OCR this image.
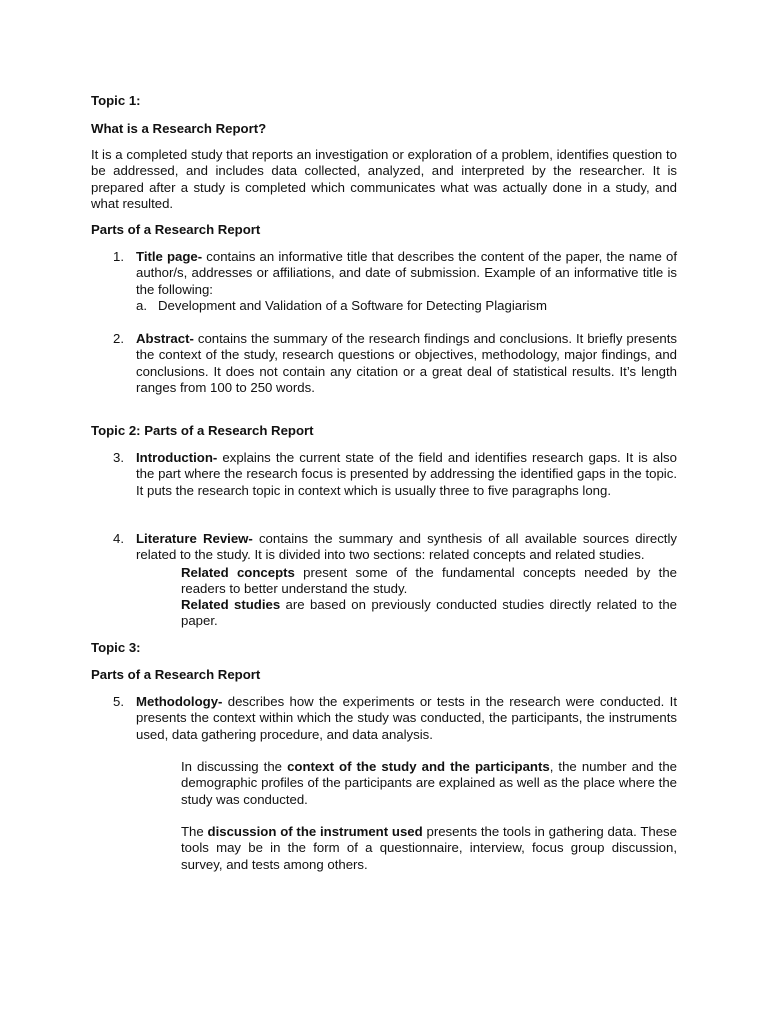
Topic 1:

What is a Research Report?

It is a completed study that reports an investigation or exploration of a problem, identifies question to be addressed, and includes data collected, analyzed, and interpreted by the researcher. It is prepared after a study is completed which communicates what was actually done in a study, and what resulted.

Parts of a Research Report

1. Title page- contains an informative title that describes the content of the paper, the name of author/s, addresses or affiliations, and date of submission. Example of an informative title is the following:
a. Development and Validation of a Software for Detecting Plagiarism
2. Abstract- contains the summary of the research findings and conclusions. It briefly presents the context of the study, research questions or objectives, methodology, major findings, and conclusions. It does not contain any citation or a great deal of statistical results. It’s length ranges from 100 to 250 words.

Topic 2: Parts of a Research Report

3. Introduction- explains the current state of the field and identifies research gaps. It is also the part where the research focus is presented by addressing the identified gaps in the topic. It puts the research topic in context which is usually three to five paragraphs long.
4. Literature Review- contains the summary and synthesis of all available sources directly related to the study. It is divided into two sections: related concepts and related studies.
Related concepts present some of the fundamental concepts needed by the readers to better understand the study.
Related studies are based on previously conducted studies directly related to the paper.

Topic 3:

Parts of a Research Report

5. Methodology- describes how the experiments or tests in the research were conducted. It presents the context within which the study was conducted, the participants, the instruments used, data gathering procedure, and data analysis.
In discussing the context of the study and the participants, the number and the demographic profiles of the participants are explained as well as the place where the study was conducted.
The discussion of the instrument used presents the tools in gathering data. These tools may be in the form of a questionnaire, interview, focus group discussion, survey, and tests among others.
